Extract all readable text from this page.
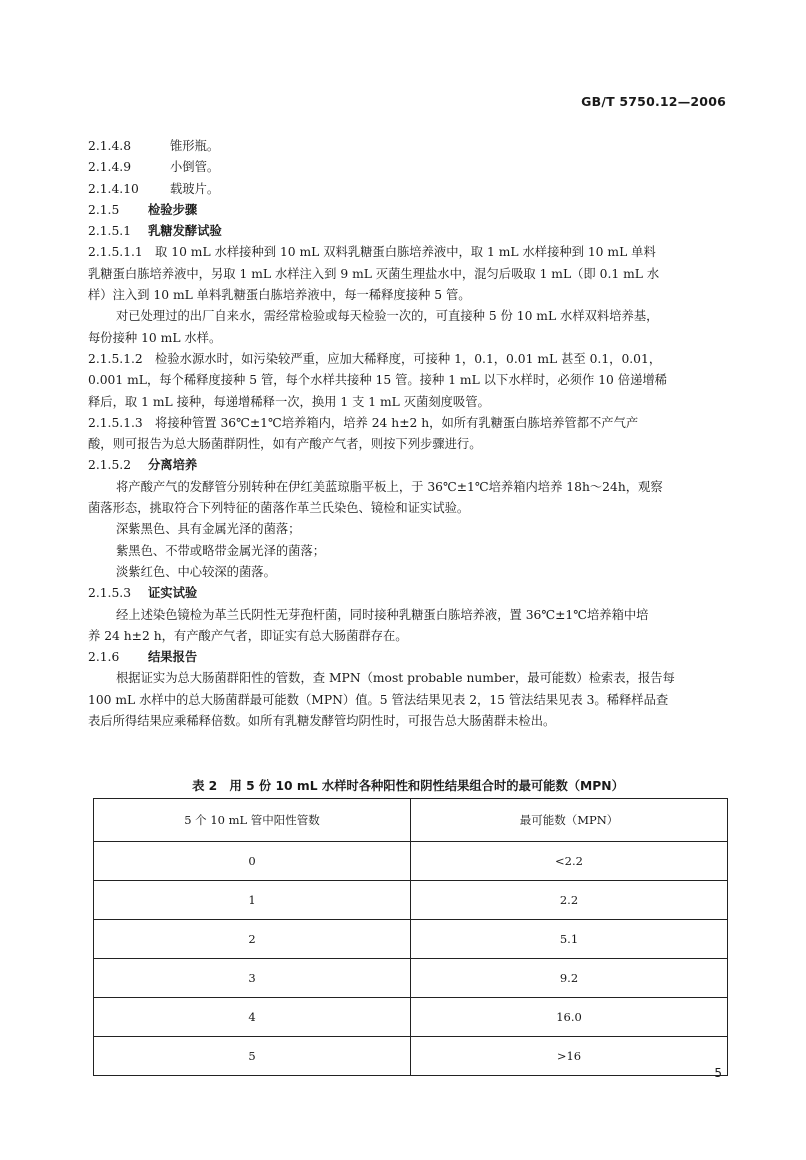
GB/T 5750.12—2006
2.1.4.8	锥形瓶。
2.1.4.9	小倒管。
2.1.4.10	载玻片。
2.1.5 检验步骤
2.1.5.1 乳糖发酵试验
2.1.5.1.1　取 10 mL 水样接种到 10 mL 双料乳糖蛋白胨培养液中，取 1 mL 水样接种到 10 mL 单料
乳糖蛋白胨培养液中，另取 1 mL 水样注入到 9 mL 灭菌生理盐水中，混匀后吸取 1 mL（即 0.1 mL 水
样）注入到 10 mL 单料乳糖蛋白胨培养液中，每一稀释度接种 5 管。
对已处理过的出厂自来水，需经常检验或每天检验一次的，可直接种 5 份 10 mL 水样双料培养基，
每份接种 10 mL 水样。
2.1.5.1.2　检验水源水时，如污染较严重，应加大稀释度，可接种 1，0.1，0.01 mL 甚至 0.1，0.01，
0.001 mL，每个稀释度接种 5 管，每个水样共接种 15 管。接种 1 mL 以下水样时，必须作 10 倍递增稀
释后，取 1 mL 接种，每递增稀释一次，换用 1 支 1 mL 灭菌刻度吸管。
2.1.5.1.3　将接种管置 36℃±1℃培养箱内，培养 24 h±2 h，如所有乳糖蛋白胨培养管都不产气产
酸，则可报告为总大肠菌群阴性，如有产酸产气者，则按下列步骤进行。
2.1.5.2 分离培养
将产酸产气的发酵管分别转种在伊红美蓝琼脂平板上，于 36℃±1℃培养箱内培养 18h～24h，观察
菌落形态，挑取符合下列特征的菌落作革兰氏染色、镜检和证实试验。
深紫黑色、具有金属光泽的菌落；
紫黑色、不带或略带金属光泽的菌落；
淡紫红色、中心较深的菌落。
2.1.5.3 证实试验
经上述染色镜检为革兰氏阴性无芽孢杆菌，同时接种乳糖蛋白胨培养液，置 36℃±1℃培养箱中培
养 24 h±2 h，有产酸产气者，即证实有总大肠菌群存在。
2.1.6 结果报告
根据证实为总大肠菌群阳性的管数，查 MPN（most probable number，最可能数）检索表，报告每
100 mL 水样中的总大肠菌群最可能数（MPN）值。5 管法结果见表 2，15 管法结果见表 3。稀释样品查
表后所得结果应乘稀释倍数。如所有乳糖发酵管均阴性时，可报告总大肠菌群未检出。
表 2　用 5 份 10 mL 水样时各种阳性和阴性结果组合时的最可能数（MPN）
5 个 10 mL 管中阳性管数	最可能数（MPN）
0	<2.2
1	2.2
2	5.1
3	9.2
4	16.0
5	>16
5
